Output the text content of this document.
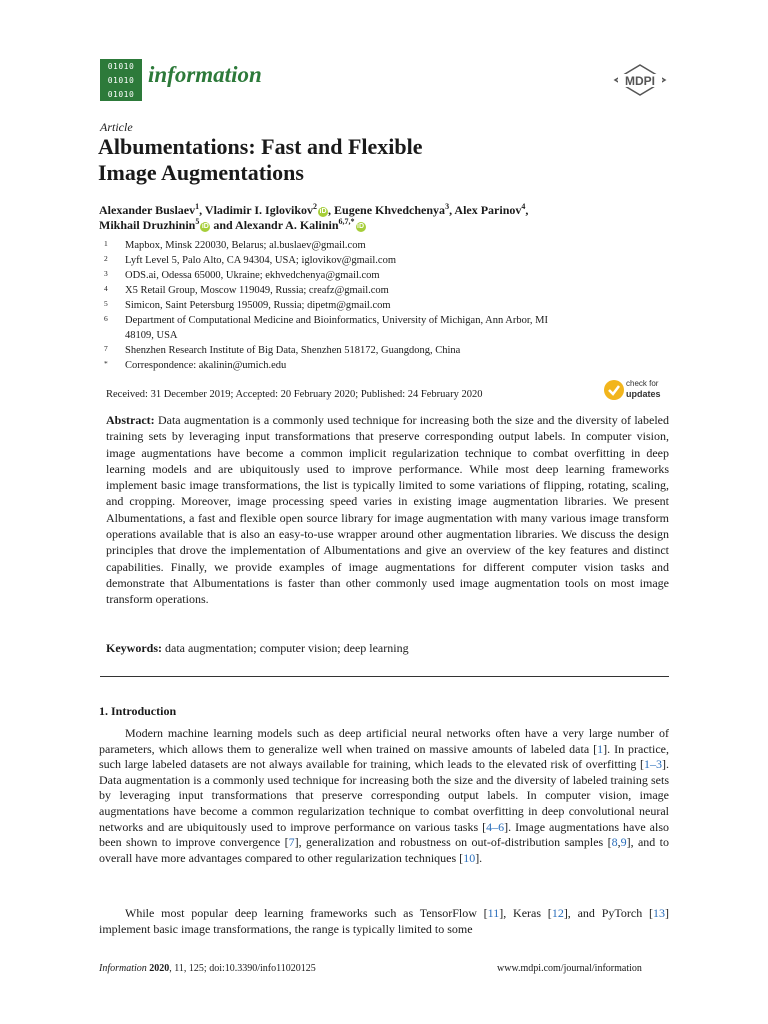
01010
01010
01010
information	MDPI
Article
Albumentations: Fast and Flexible
Image Augmentations
Alexander Buslaev$^1$, Vladimir I. Iglovikov$^2$iD , Eugene Khvedchenya$^3$, Alex Parinov$^4$,
Mikhail Druzhinin$^5$iD and Alexandr A. Kalinin$^{6,7,*}$iD
1 Mapbox, Minsk 220030, Belarus; al.buslaev@gmail.com
2 Lyft Level 5, Palo Alto, CA 94304, USA; iglovikov@gmail.com
3 ODS.ai, Odessa 65000, Ukraine; ekhvedchenya@gmail.com
4 X5 Retail Group, Moscow 119049, Russia; creafz@gmail.com
5 Simicon, Saint Petersburg 195009, Russia; dipetm@gmail.com
6 Department of Computational Medicine and Bioinformatics, University of Michigan, Ann Arbor, MI 48109, USA
7 Shenzhen Research Institute of Big Data, Shenzhen 518172, Guangdong, China
* Correspondence: akalinin@umich.edu
Received: 31 December 2019; Accepted: 20 February 2020; Published: 24 February 2020
check for
updates

Abstract: Data augmentation is a commonly used technique for increasing both the size and the diversity of labeled training sets by leveraging input transformations that preserve corresponding output labels. In computer vision, image augmentations have become a common implicit regularization technique to combat overfitting in deep learning models and are ubiquitously used to improve performance. While most deep learning frameworks implement basic image transformations, the list is typically limited to some variations of flipping, rotating, scaling, and cropping. Moreover, image processing speed varies in existing image augmentation libraries. We present Albumentations, a fast and flexible open source library for image augmentation with many various image transform operations available that is also an easy-to-use wrapper around other augmentation libraries. We discuss the design principles that drove the implementation of Albumentations and give an overview of the key features and distinct capabilities. Finally, we provide examples of image augmentations for different computer vision tasks and demonstrate that Albumentations is faster than other commonly used image augmentation tools on most image transform operations.

Keywords: data augmentation; computer vision; deep learning
1. Introduction

Modern machine learning models such as deep artificial neural networks often have a very large number of parameters, which allows them to generalize well when trained on massive amounts of labeled data [1]. In practice, such large labeled datasets are not always available for training, which leads to the elevated risk of overfitting [1–3]. Data augmentation is a commonly used technique for increasing both the size and the diversity of labeled training sets by leveraging input transformations that preserve corresponding output labels. In computer vision, image augmentations have become a common regularization technique to combat overfitting in deep convolutional neural networks and are ubiquitously used to improve performance on various tasks [4–6]. Image augmentations have also been shown to improve convergence [7], generalization and robustness on out-of-distribution samples [8,9], and to overall have more advantages compared to other regularization techniques [10].

While most popular deep learning frameworks such as TensorFlow [11], Keras [12], and PyTorch [13] implement basic image transformations, the range is typically limited to some

Information 2020, 11, 125; doi:10.3390/info11020125	www.mdpi.com/journal/information
